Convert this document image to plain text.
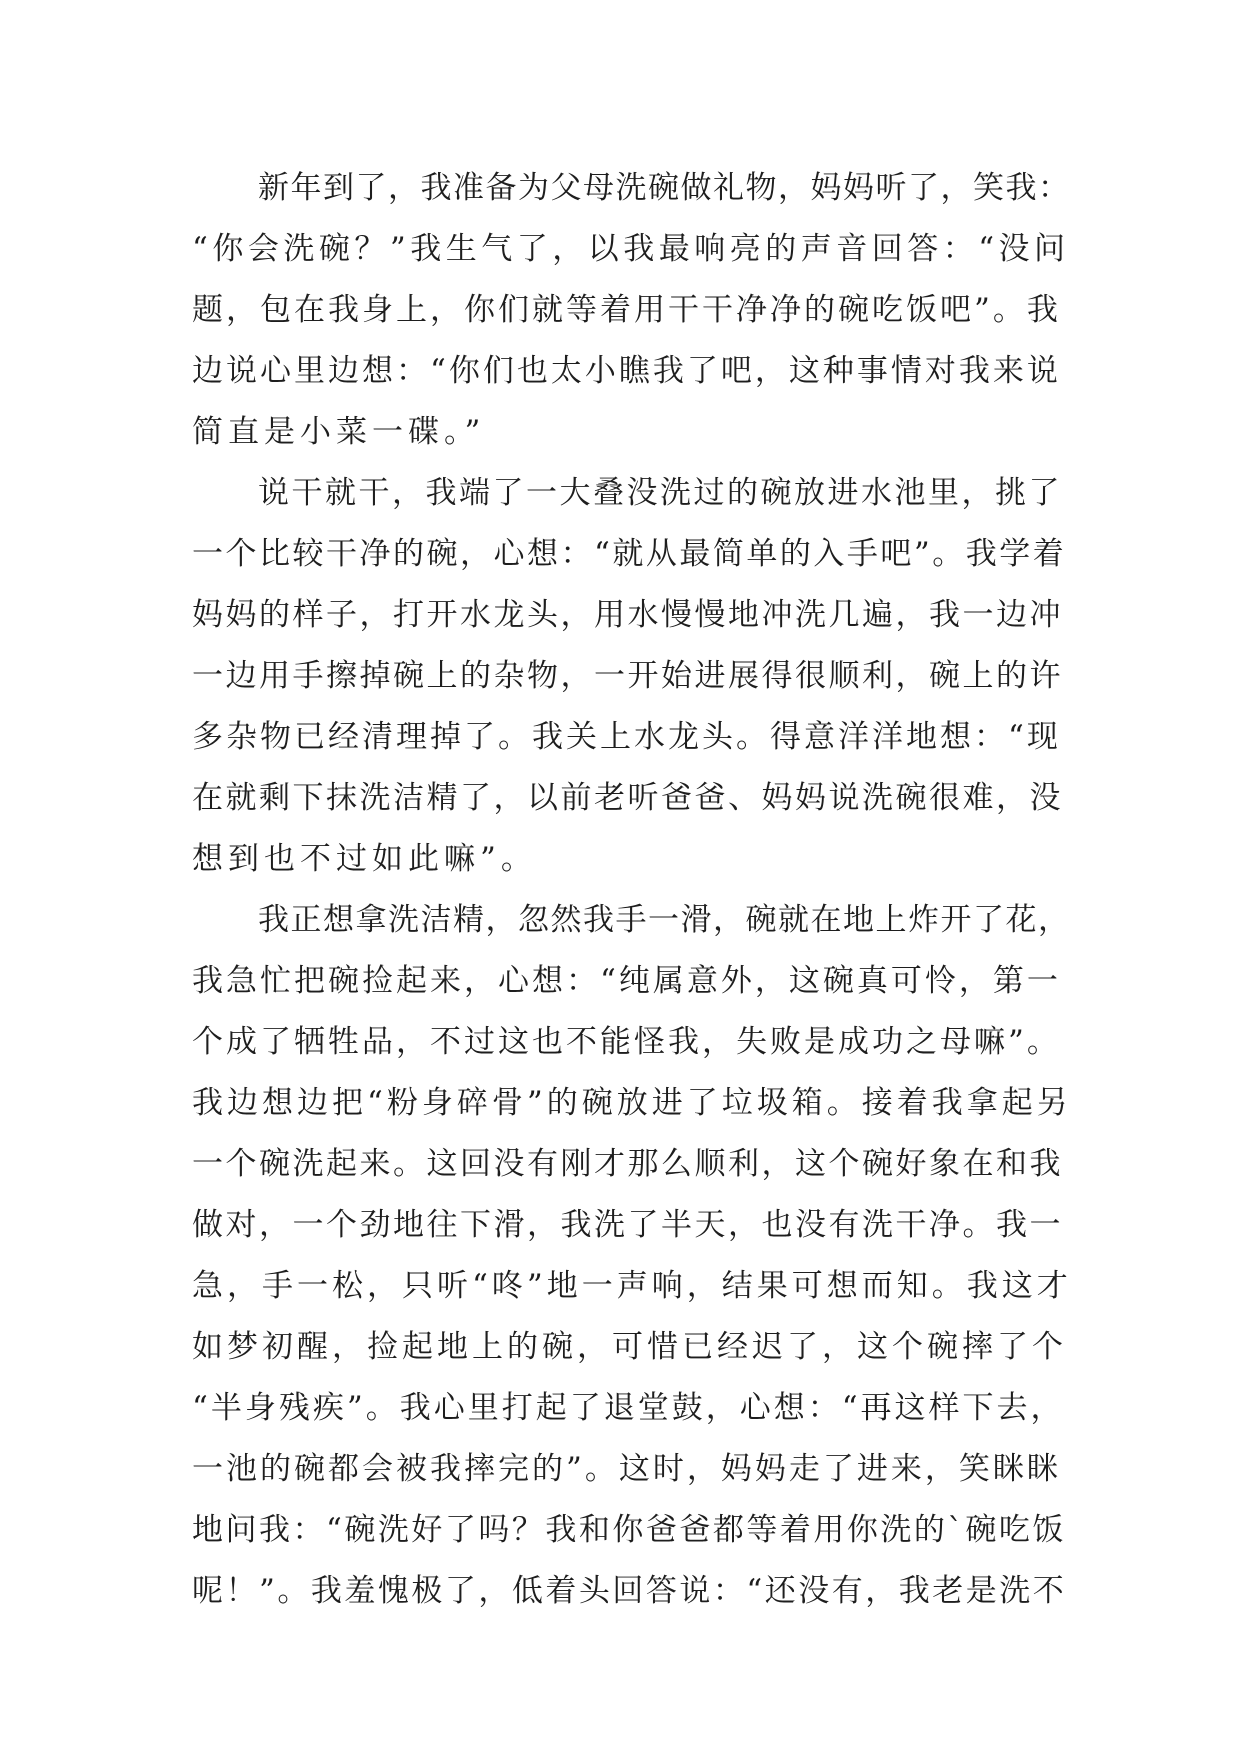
新年到了，我准备为父母洗碗做礼物，妈妈听了，笑我：
“你会洗碗？”我生气了，以我最响亮的声音回答：“没问
题，包在我身上，你们就等着用干干净净的碗吃饭吧”。我
边说心里边想：“你们也太小瞧我了吧，这种事情对我来说
简直是小菜一碟。”
说干就干，我端了一大叠没洗过的碗放进水池里，挑了
一个比较干净的碗，心想：“就从最简单的入手吧”。我学着
妈妈的样子，打开水龙头，用水慢慢地冲洗几遍，我一边冲
一边用手擦掉碗上的杂物，一开始进展得很顺利，碗上的许
多杂物已经清理掉了。我关上水龙头。得意洋洋地想：“现
在就剩下抹洗洁精了，以前老听爸爸、妈妈说洗碗很难，没
想到也不过如此嘛”。
我正想拿洗洁精，忽然我手一滑，碗就在地上炸开了花，
我急忙把碗捡起来，心想：“纯属意外，这碗真可怜，第一
个成了牺牲品，不过这也不能怪我，失败是成功之母嘛”。
我边想边把“粉身碎骨”的碗放进了垃圾箱。接着我拿起另
一个碗洗起来。这回没有刚才那么顺利，这个碗好象在和我
做对，一个劲地往下滑，我洗了半天，也没有洗干净。我一
急，手一松，只听“咚”地一声响，结果可想而知。我这才
如梦初醒，捡起地上的碗，可惜已经迟了，这个碗摔了个
“半身残疾”。我心里打起了退堂鼓，心想：“再这样下去，
一池的碗都会被我摔完的”。这时，妈妈走了进来，笑眯眯
地问我：“碗洗好了吗？我和你爸爸都等着用你洗的`碗吃饭
呢！”。我羞愧极了，低着头回答说：“还没有，我老是洗不
